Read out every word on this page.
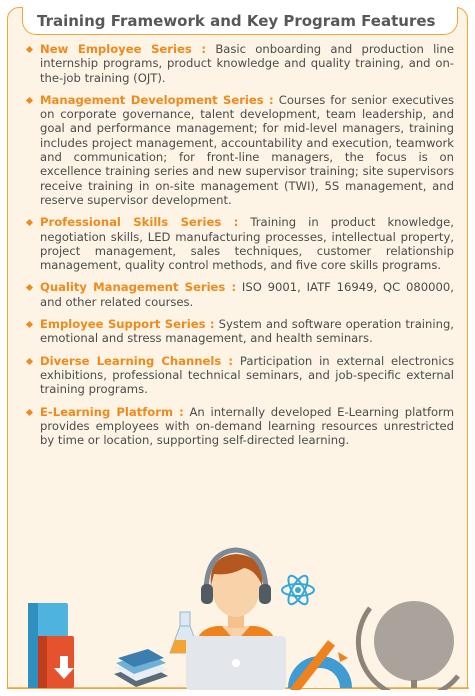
Training Framework and Key Program Features
New Employee Series : Basic onboarding and production line internship programs, product knowledge and quality training, and on-the-job training (OJT).
Management Development Series : Courses for senior executives on corporate governance, talent development, team leadership, and goal and performance management; for mid-level managers, training includes project management, accountability and execution, teamwork and communication; for front-line managers, the focus is on excellence training series and new supervisor training; site supervisors receive training in on-site management (TWI), 5S management, and reserve supervisor development.
Professional Skills Series : Training in product knowledge, negotiation skills, LED manufacturing processes, intellectual property, project management, sales techniques, customer relationship management, quality control methods, and five core skills programs.
Quality Management Series : ISO 9001, IATF 16949, QC 080000, and other related courses.
Employee Support Series : System and software operation training, emotional and stress management, and health seminars.
Diverse Learning Channels : Participation in external electronics exhibitions, professional technical seminars, and job-specific external training programs.
E-Learning Platform : An internally developed E-Learning platform provides employees with on-demand learning resources unrestricted by time or location, supporting self-directed learning.
